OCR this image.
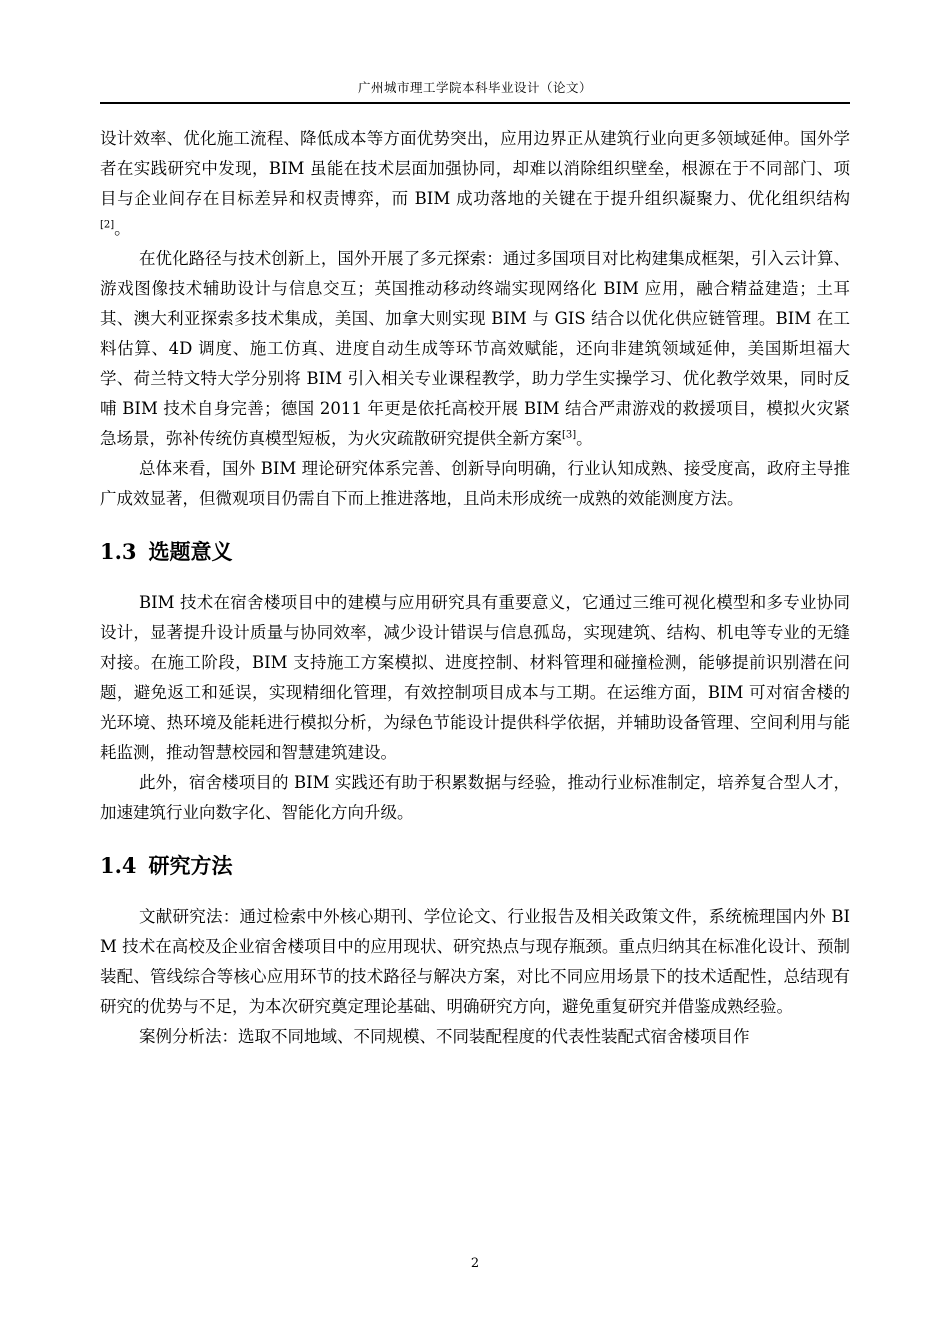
广州城市理工学院本科毕业设计（论文）

设计效率、优化施工流程、降低成本等方面优势突出，应用边界正从建筑行业向更多领域延伸。国外学者在实践研究中发现，BIM 虽能在技术层面加强协同，却难以消除组织壁垒，根源在于不同部门、项目与企业间存在目标差异和权责博弈，而 BIM 成功落地的关键在于提升组织凝聚力、优化组织结构[2]。

在优化路径与技术创新上，国外开展了多元探索：通过多国项目对比构建集成框架，引入云计算、游戏图像技术辅助设计与信息交互；英国推动移动终端实现网络化 BIM 应用，融合精益建造；土耳其、澳大利亚探索多技术集成，美国、加拿大则实现 BIM 与 GIS 结合以优化供应链管理。BIM 在工料估算、4D 调度、施工仿真、进度自动生成等环节高效赋能，还向非建筑领域延伸，美国斯坦福大学、荷兰特文特大学分别将 BIM 引入相关专业课程教学，助力学生实操学习、优化教学效果，同时反哺 BIM 技术自身完善；德国 2011 年更是依托高校开展 BIM 结合严肃游戏的救援项目，模拟火灾紧急场景，弥补传统仿真模型短板，为火灾疏散研究提供全新方案[3]。

总体来看，国外 BIM 理论研究体系完善、创新导向明确，行业认知成熟、接受度高，政府主导推广成效显著，但微观项目仍需自下而上推进落地，且尚未形成统一成熟的效能测度方法。

1.3 选题意义

BIM 技术在宿舍楼项目中的建模与应用研究具有重要意义，它通过三维可视化模型和多专业协同设计，显著提升设计质量与协同效率，减少设计错误与信息孤岛，实现建筑、结构、机电等专业的无缝对接。在施工阶段，BIM 支持施工方案模拟、进度控制、材料管理和碰撞检测，能够提前识别潜在问题，避免返工和延误，实现精细化管理，有效控制项目成本与工期。在运维方面，BIM 可对宿舍楼的光环境、热环境及能耗进行模拟分析，为绿色节能设计提供科学依据，并辅助设备管理、空间利用与能耗监测，推动智慧校园和智慧建筑建设。

此外，宿舍楼项目的 BIM 实践还有助于积累数据与经验，推动行业标准制定，培养复合型人才，加速建筑行业向数字化、智能化方向升级。

1.4 研究方法

文献研究法：通过检索中外核心期刊、学位论文、行业报告及相关政策文件，系统梳理国内外 BIM 技术在高校及企业宿舍楼项目中的应用现状、研究热点与现存瓶颈。重点归纳其在标准化设计、预制装配、管线综合等核心应用环节的技术路径与解决方案，对比不同应用场景下的技术适配性，总结现有研究的优势与不足，为本次研究奠定理论基础、明确研究方向，避免重复研究并借鉴成熟经验。

案例分析法：选取不同地域、不同规模、不同装配程度的代表性装配式宿舍楼项目作

2
